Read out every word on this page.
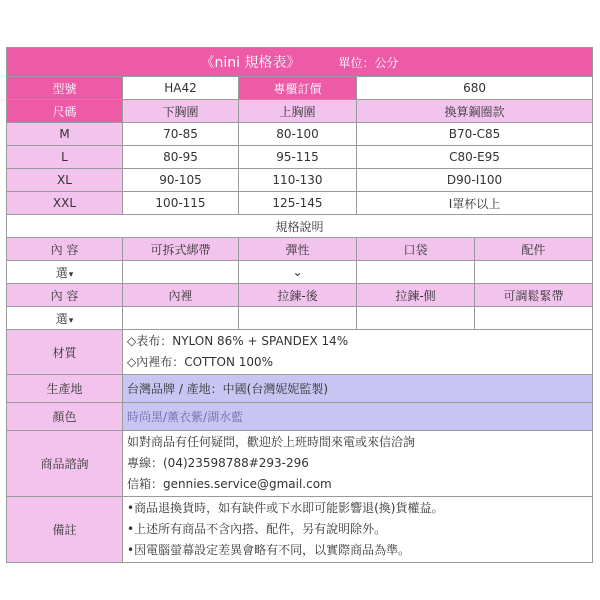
《nini 規格表》 單位：公分				
型號	HA42	專櫃訂價	680	
尺碼	下胸圍	上胸圍	換算鋼圈款	
M	70-85	80-100	B70-C85	
L	80-95	95-115	C80-E95	
XL	90-105	110-130	D90-I100	
XXL	100-115	125-145	I罩杯以上	
規格說明				
內 容	可拆式綁帶	彈性	口袋	配件
選▾		⌄		
內 容	內裡	拉鍊-後	拉鍊-側	可調鬆緊帶
選▾				
材質	◇表布：NYLON 86% + SPANDEX 14%
◇內裡布：COTTON 100%			

生產地	台灣品牌 / 產地：中國(台灣妮妮監製)			
顏色	時尚黑/薰衣紫/湖水藍			
商品諮詢	如對商品有任何疑問，歡迎於上班時間來電或來信洽詢
專線：(04)23598788#293-296
信箱：gennies.service@gmail.com			

備註	•商品退換貨時，如有缺件或下水即可能影響退(換)貨權益。
•上述所有商品不含內搭、配件，另有說明除外。
•因電腦螢幕設定差異會略有不同，以實際商品為準。			
